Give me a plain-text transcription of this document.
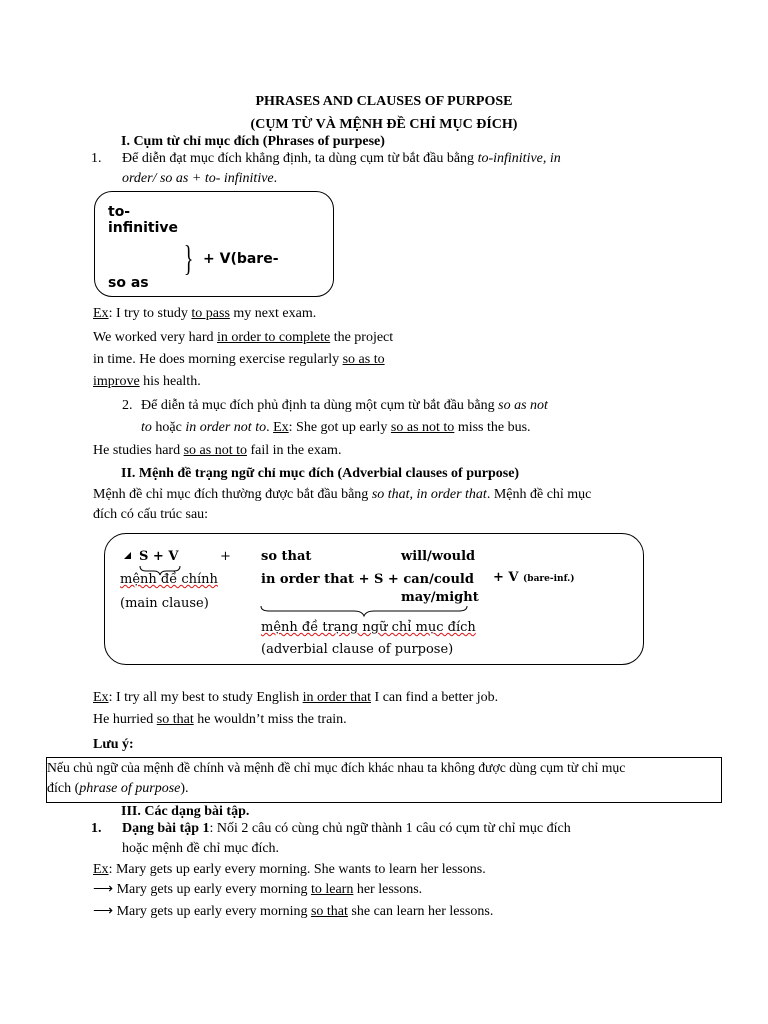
PHRASES AND CLAUSES OF PURPOSE
(CỤM TỪ VÀ MỆNH ĐỀ CHỈ MỤC ĐÍCH)
I. Cụm từ chỉ mục đích (Phrases of purpese)
1. Để diễn đạt mục đích khẳng định, ta dùng cụm từ bắt đầu bằng to-infinitive, in
order/ so as + to- infinitive.
to-
infinitive
} + V(bare-
so as
Ex: I try to study to pass my next exam.
We worked very hard in order to complete the project
in time. He does morning exercise regularly so as to
improve his health.
2. Để diễn tả mục đích phủ định ta dùng một cụm từ bắt đầu bằng so as not
to hoặc in order not to. Ex: She got up early so as not to miss the bus.
He studies hard so as not to fail in the exam.
II. Mệnh đề trạng ngữ chỉ mục đích (Adverbial clauses of purpose)
Mệnh đề chỉ mục đích thường được bắt đầu bằng so that, in order that. Mệnh đề chỉ mục
đích có cấu trúc sau:
S + V	+ so that	will/would
mệnh đề chính	in order that + S + can/could + V (bare-inf.)
(main clause)	may/might
mệnh đề trạng ngữ chỉ mục đích
(adverbial clause of purpose)
Ex: I try all my best to study English in order that I can find a better job.
He hurried so that he wouldn’t miss the train.
Lưu ý:
Nếu chủ ngữ của mệnh đề chính và mệnh đề chỉ mục đích khác nhau ta không được dùng cụm từ chỉ mục
đích (phrase of purpose).
III. Các dạng bài tập.
1. Dạng bài tập 1: Nối 2 câu có cùng chủ ngữ thành 1 câu có cụm từ chỉ mục đích
hoặc mệnh đề chỉ mục đích.
Ex: Mary gets up early every morning. She wants to learn her lessons.
⟶ Mary gets up early every morning to learn her lessons.
⟶ Mary gets up early every morning so that she can learn her lessons.
